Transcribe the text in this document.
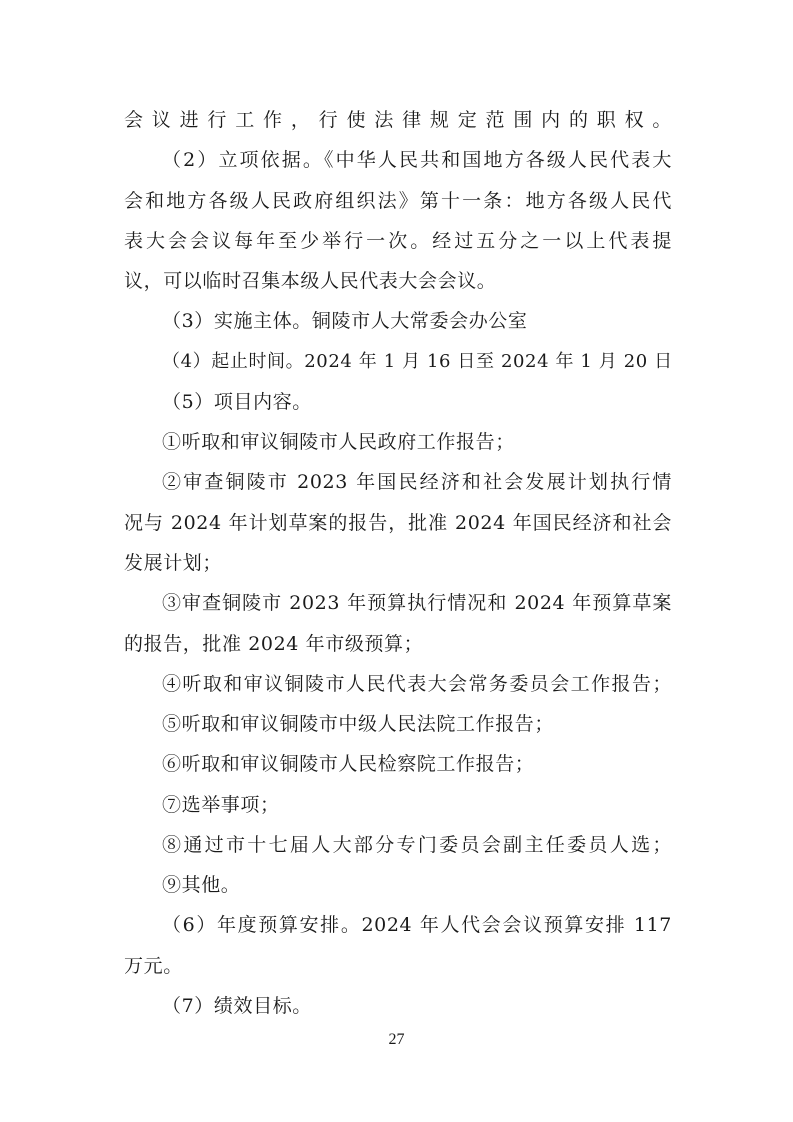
会议进行工作，行使法律规定范围内的职权。
（2）立项依据。《中华人民共和国地方各级人民代表大
会和地方各级人民政府组织法》第十一条：地方各级人民代
表大会会议每年至少举行一次。经过五分之一以上代表提
议，可以临时召集本级人民代表大会会议。
（3）实施主体。铜陵市人大常委会办公室
（4）起止时间。2024 年 1 月 16 日至 2024 年 1 月 20 日
（5）项目内容。
①听取和审议铜陵市人民政府工作报告；
②审查铜陵市 2023 年国民经济和社会发展计划执行情
况与 2024 年计划草案的报告，批准 2024 年国民经济和社会
发展计划；
③审查铜陵市 2023 年预算执行情况和 2024 年预算草案
的报告，批准 2024 年市级预算；
④听取和审议铜陵市人民代表大会常务委员会工作报告；
⑤听取和审议铜陵市中级人民法院工作报告；
⑥听取和审议铜陵市人民检察院工作报告；
⑦选举事项；
⑧通过市十七届人大部分专门委员会副主任委员人选；
⑨其他。
（6）年度预算安排。2024 年人代会会议预算安排 117
万元。
（7）绩效目标。
27
